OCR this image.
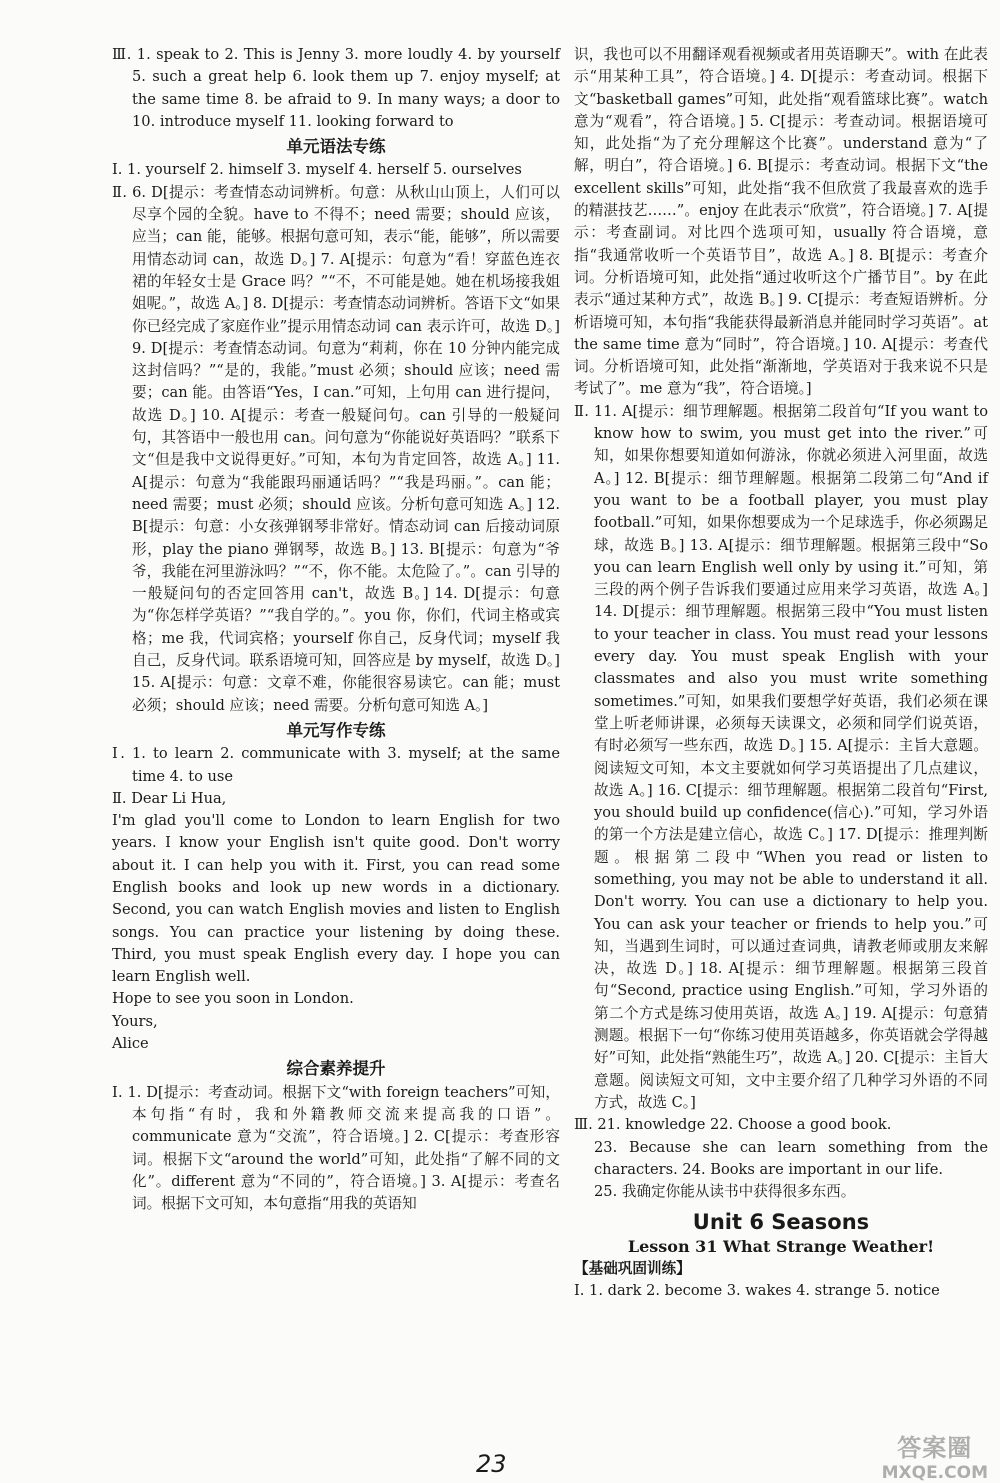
Ⅲ. 1. speak to 2. This is Jenny 3. more loudly 4. by yourself 5. such a great help 6. look them up 7. enjoy myself; at the same time 8. be afraid to 9. In many ways; a door to 10. introduce myself 11. looking forward to

单元语法专练

Ⅰ. 1. yourself 2. himself 3. myself 4. herself 5. ourselves

Ⅱ. 6. D[提示：考查情态动词辨析。句意：从秋山山顶上，人们可以尽享个园的全貌。have to 不得不；need 需要；should 应该，应当；can 能，能够。根据句意可知，表示“能，能够”，所以需要用情态动词 can，故选 D。] 7. A[提示：句意为“看！穿蓝色连衣裙的年轻女士是 Grace 吗？”“不，不可能是她。她在机场接我姐姐呢。”，故选 A。] 8. D[提示：考查情态动词辨析。答语下文“如果你已经完成了家庭作业”提示用情态动词 can 表示许可，故选 D。] 9. D[提示：考查情态动词。句意为“莉莉，你在 10 分钟内能完成这封信吗？”“是的，我能。”must 必须；should 应该；need 需要；can 能。由答语“Yes，I can.”可知，上句用 can 进行提问，故选 D。] 10. A[提示：考查一般疑问句。can 引导的一般疑问句，其答语中一般也用 can。问句意为“你能说好英语吗？”联系下文“但是我中文说得更好。”可知，本句为肯定回答，故选 A。] 11. A[提示：句意为“我能跟玛丽通话吗？”“我是玛丽。”。can 能；need 需要；must 必须；should 应该。分析句意可知选 A。] 12. B[提示：句意：小女孩弹钢琴非常好。情态动词 can 后接动词原形，play the piano 弹钢琴，故选 B。] 13. B[提示：句意为“爷爷，我能在河里游泳吗？”“不，你不能。太危险了。”。can 引导的一般疑问句的否定回答用 can't，故选 B。] 14. D[提示：句意为“你怎样学英语？”“我自学的。”。you 你，你们，代词主格或宾格；me 我，代词宾格；yourself 你自己，反身代词；myself 我自己，反身代词。联系语境可知，回答应是 by myself，故选 D。] 15. A[提示：句意：文章不难，你能很容易读它。can 能；must 必须；should 应该；need 需要。分析句意可知选 A。]

单元写作专练

Ⅰ. 1. to learn 2. communicate with 3. myself; at the same time 4. to use

Ⅱ. Dear Li Hua,

I'm glad you'll come to London to learn English for two years. I know your English isn't quite good. Don't worry about it. I can help you with it. First, you can read some English books and look up new words in a dictionary. Second, you can watch English movies and listen to English songs. You can practice your listening by doing these. Third, you must speak English every day. I hope you can learn English well.

Hope to see you soon in London.

Yours,

Alice

综合素养提升

Ⅰ. 1. D[提示：考查动词。根据下文“with foreign teachers”可知，本句指“有时，我和外籍教师交流来提高我的口语”。communicate 意为“交流”，符合语境。] 2. C[提示：考查形容词。根据下文“around the world”可知，此处指“了解不同的文化”。different 意为“不同的”，符合语境。] 3. A[提示：考查名词。根据下文可知，本句意指“用我的英语知

识，我也可以不用翻译观看视频或者用英语聊天”。with 在此表示“用某种工具”，符合语境。] 4. D[提示：考查动词。根据下文“basketball games”可知，此处指“观看篮球比赛”。watch 意为“观看”，符合语境。] 5. C[提示：考查动词。根据语境可知，此处指“为了充分理解这个比赛”。understand 意为“了解，明白”，符合语境。] 6. B[提示：考查动词。根据下文“the excellent skills”可知，此处指“我不但欣赏了我最喜欢的选手的精湛技艺……”。enjoy 在此表示“欣赏”，符合语境。] 7. A[提示：考查副词。对比四个选项可知，usually 符合语境，意指“我通常收听一个英语节目”，故选 A。] 8. B[提示：考查介词。分析语境可知，此处指“通过收听这个广播节目”。by 在此表示“通过某种方式”，故选 B。] 9. C[提示：考查短语辨析。分析语境可知，本句指“我能获得最新消息并能同时学习英语”。at the same time 意为“同时”，符合语境。] 10. A[提示：考查代词。分析语境可知，此处指“渐渐地，学英语对于我来说不只是考试了”。me 意为“我”，符合语境。]

Ⅱ. 11. A[提示：细节理解题。根据第二段首句“If you want to know how to swim, you must get into the river.”可知，如果你想要知道如何游泳，你就必须进入河里面，故选 A。] 12. B[提示：细节理解题。根据第二段第二句“And if you want to be a football player, you must play football.”可知，如果你想要成为一个足球选手，你必须踢足球，故选 B。] 13. A[提示：细节理解题。根据第三段中“So you can learn English well only by using it.”可知，第三段的两个例子告诉我们要通过应用来学习英语，故选 A。] 14. D[提示：细节理解题。根据第三段中“You must listen to your teacher in class. You must read your lessons every day. You must speak English with your classmates and also you must write something sometimes.”可知，如果我们要想学好英语，我们必须在课堂上听老师讲课，必须每天读课文，必须和同学们说英语，有时必须写一些东西，故选 D。] 15. A[提示：主旨大意题。阅读短文可知，本文主要就如何学习英语提出了几点建议，故选 A。] 16. C[提示：细节理解题。根据第二段首句“First, you should build up confidence(信心).”可知，学习外语的第一个方法是建立信心，故选 C。] 17. D[提示：推理判断题。根据第二段中“When you read or listen to something, you may not be able to understand it all. Don't worry. You can use a dictionary to help you. You can ask your teacher or friends to help you.”可知，当遇到生词时，可以通过查词典，请教老师或朋友来解决，故选 D。] 18. A[提示：细节理解题。根据第三段首句“Second, practice using English.”可知，学习外语的第二个方式是练习使用英语，故选 A。] 19. A[提示：句意猜测题。根据下一句“你练习使用英语越多，你英语就会学得越好”可知，此处指“熟能生巧”，故选 A。] 20. C[提示：主旨大意题。阅读短文可知，文中主要介绍了几种学习外语的不同方式，故选 C。]

Ⅲ. 21. knowledge 22. Choose a good book.

23. Because she can learn something from the characters. 24. Books are important in our life.

25. 我确定你能从读书中获得很多东西。

Unit 6 Seasons

Lesson 31 What Strange Weather!

【基础巩固训练】

Ⅰ. 1. dark 2. become 3. wakes 4. strange 5. notice

23
答案圈
MXQE.COM
